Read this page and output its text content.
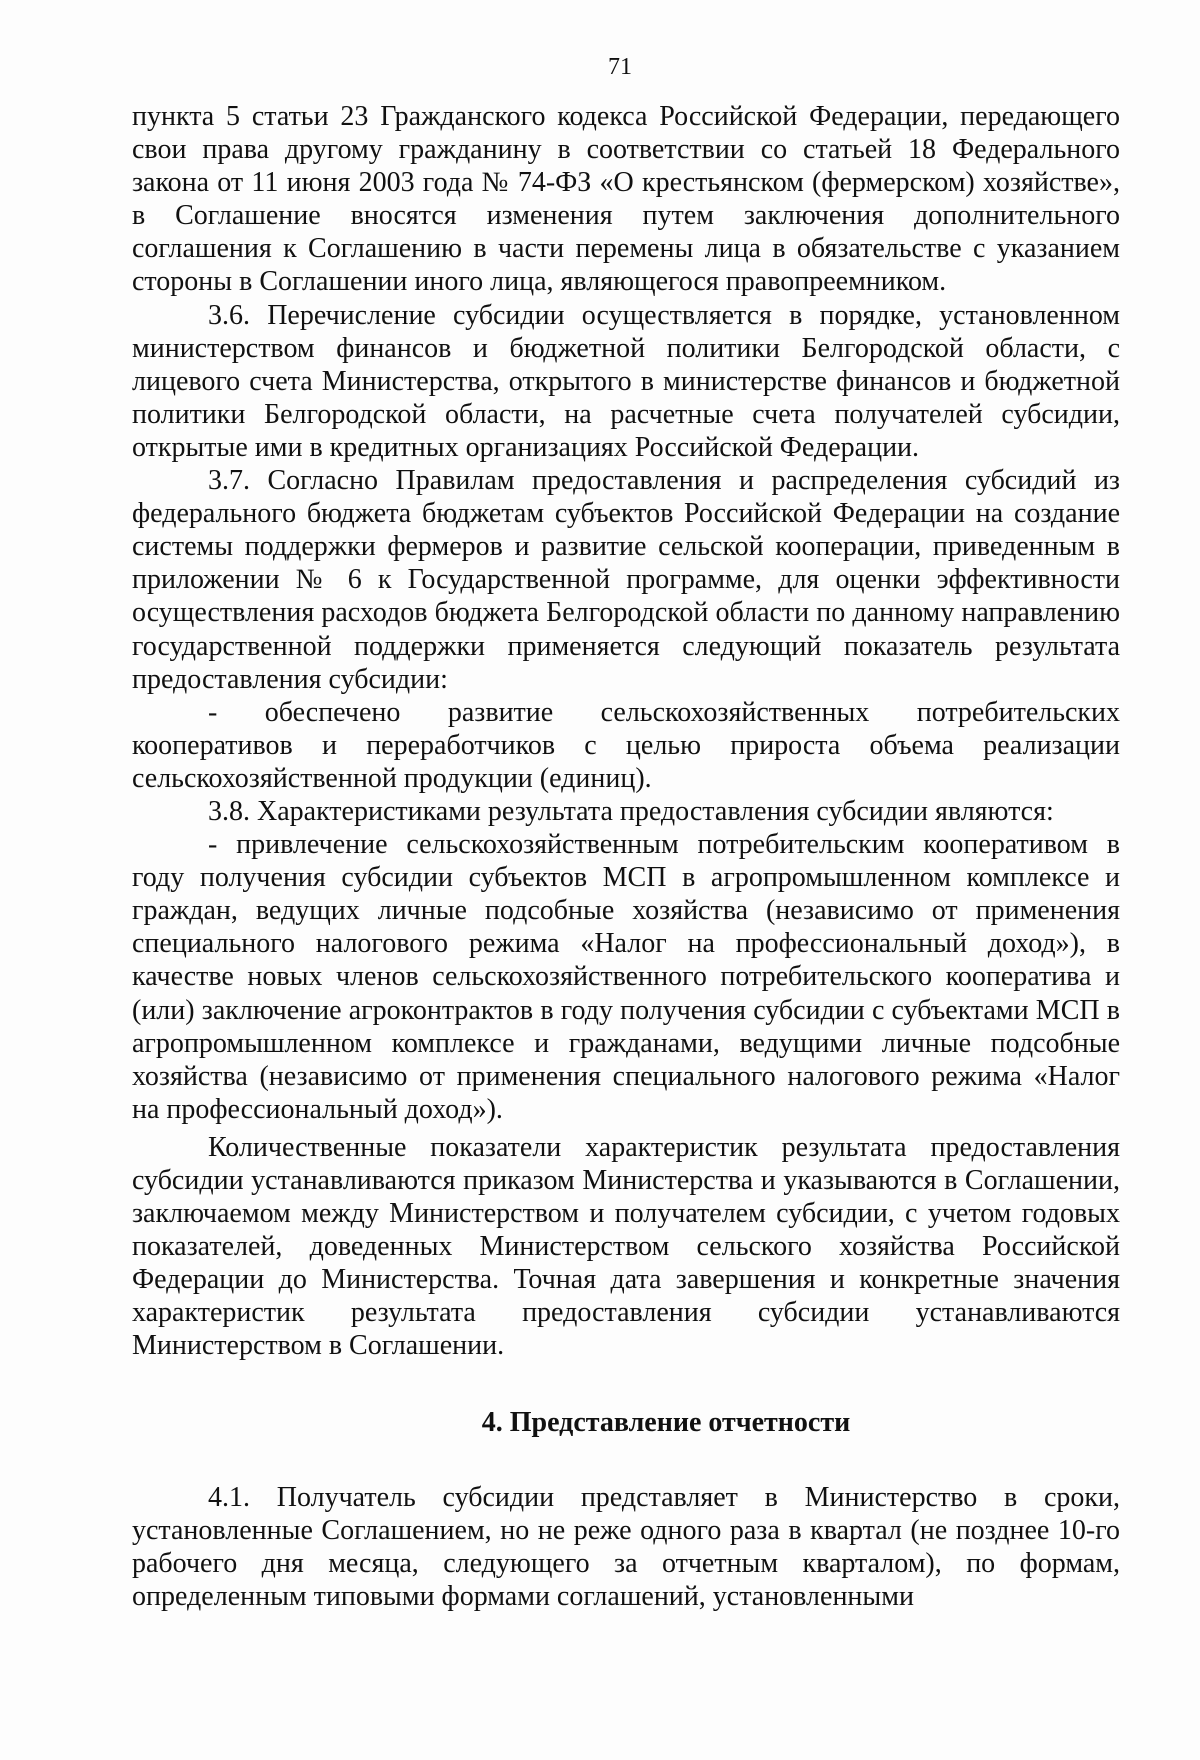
71

пункта 5 статьи 23 Гражданского кодекса Российской Федерации, передающего свои права другому гражданину в соответствии со статьей 18 Федерального закона от 11 июня 2003 года № 74-ФЗ «О крестьянском (фермерском) хозяйстве», в Соглашение вносятся изменения путем заключения дополнительного соглашения к Соглашению в части перемены лица в обязательстве с указанием стороны в Соглашении иного лица, являющегося правопреемником.

3.6. Перечисление субсидии осуществляется в порядке, установленном министерством финансов и бюджетной политики Белгородской области, с лицевого счета Министерства, открытого в министерстве финансов и бюджетной политики Белгородской области, на расчетные счета получателей субсидии, открытые ими в кредитных организациях Российской Федерации.

3.7. Согласно Правилам предоставления и распределения субсидий из федерального бюджета бюджетам субъектов Российской Федерации на создание системы поддержки фермеров и развитие сельской кооперации, приведенным в приложении № 6 к Государственной программе, для оценки эффективности осуществления расходов бюджета Белгородской области по данному направлению государственной поддержки применяется следующий показатель результата предоставления субсидии:

- обеспечено развитие сельскохозяйственных потребительских кооперативов и переработчиков с целью прироста объема реализации сельскохозяйственной продукции (единиц).

3.8. Характеристиками результата предоставления субсидии являются:

- привлечение сельскохозяйственным потребительским кооперативом в году получения субсидии субъектов МСП в агропромышленном комплексе и граждан, ведущих личные подсобные хозяйства (независимо от применения специального налогового режима «Налог на профессиональный доход»), в качестве новых членов сельскохозяйственного потребительского кооператива и (или) заключение агроконтрактов в году получения субсидии с субъектами МСП в агропромышленном комплексе и гражданами, ведущими личные подсобные хозяйства (независимо от применения специального налогового режима «Налог на профессиональный доход»).

Количественные показатели характеристик результата предоставления субсидии устанавливаются приказом Министерства и указываются в Соглашении, заключаемом между Министерством и получателем субсидии, с учетом годовых показателей, доведенных Министерством сельского хозяйства Российской Федерации до Министерства. Точная дата завершения и конкретные значения характеристик результата предоставления субсидии устанавливаются Министерством в Соглашении.

4. Представление отчетности

4.1. Получатель субсидии представляет в Министерство в сроки, установленные Соглашением, но не реже одного раза в квартал (не позднее 10-го рабочего дня месяца, следующего за отчетным кварталом), по формам, определенным типовыми формами соглашений, установленными
